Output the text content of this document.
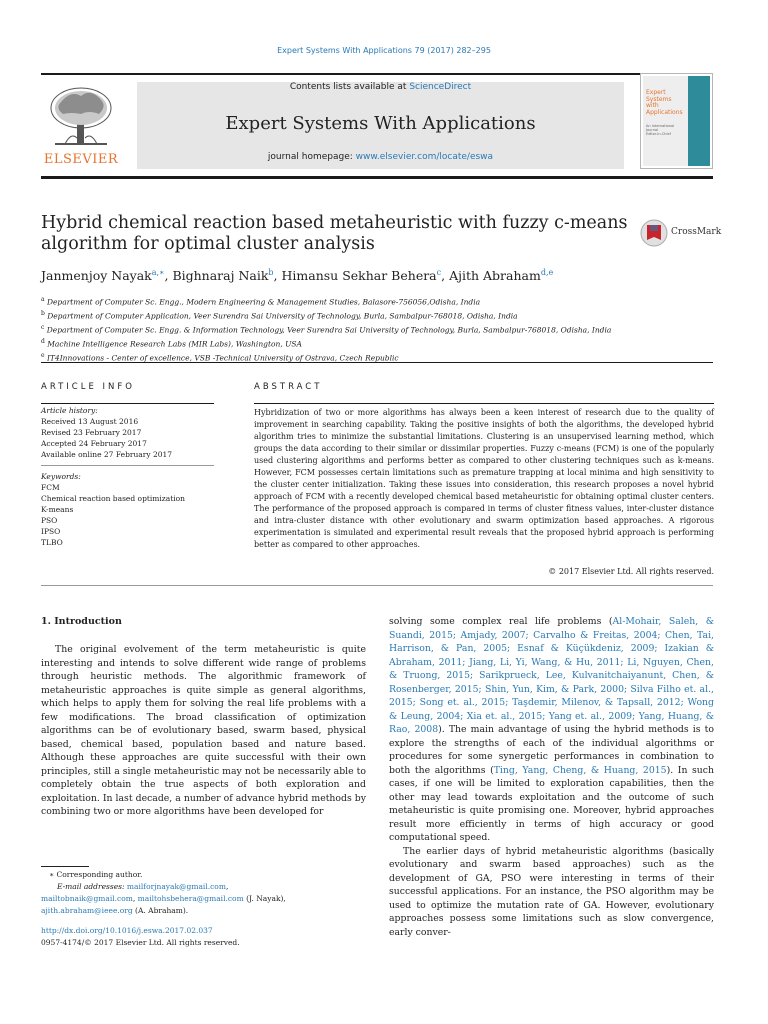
Expert Systems With Applications 79 (2017) 282–295
ELSEVIER
Contents lists available at ScienceDirect
Expert Systems With Applications
journal homepage: www.elsevier.com/locate/eswa
Expert Systems with Applications
An International Journal
Editor-in-Chief
Hybrid chemical reaction based metaheuristic with fuzzy c-means algorithm for optimal cluster analysis
CrossMark
Janmenjoy Nayak$^{a,∗}$, Bighnaraj Naik$^b$, Himansu Sekhar Behera$^c$, Ajith Abraham$^{d,e}$
$^a$ Department of Computer Sc. Engg., Modern Engineering & Management Studies, Balasore-756056,Odisha, India
$^b$ Department of Computer Application, Veer Surendra Sai University of Technology, Burla, Sambalpur-768018, Odisha, India
$^c$ Department of Computer Sc. Engg. & Information Technology, Veer Surendra Sai University of Technology, Burla, Sambalpur-768018, Odisha, India
$^d$ Machine Intelligence Research Labs (MIR Labs), Washington, USA
$^e$ IT4Innovations - Center of excellence, VSB -Technical University of Ostrava, Czech Republic
ARTICLE INFO
Article history:
Received 13 August 2016
Revised 23 February 2017
Accepted 24 February 2017
Available online 27 February 2017
Keywords:
FCM
Chemical reaction based optimization
K-means
PSO
IPSO
TLBO
ABSTRACT
Hybridization of two or more algorithms has always been a keen interest of research due to the quality of improvement in searching capability. Taking the positive insights of both the algorithms, the developed hybrid algorithm tries to minimize the substantial limitations. Clustering is an unsupervised learning method, which groups the data according to their similar or dissimilar properties. Fuzzy c-means (FCM) is one of the popularly used clustering algorithms and performs better as compared to other clustering techniques such as k-means. However, FCM possesses certain limitations such as premature trapping at local minima and high sensitivity to the cluster center initialization. Taking these issues into consideration, this research proposes a novel hybrid approach of FCM with a recently developed chemical based metaheuristic for obtaining optimal cluster centers. The performance of the proposed approach is compared in terms of cluster fitness values, inter-cluster distance and intra-cluster distance with other evolutionary and swarm optimization based approaches. A rigorous experimentation is simulated and experimental result reveals that the proposed hybrid approach is performing better as compared to other approaches.
© 2017 Elsevier Ltd. All rights reserved.
1. Introduction

The original evolvement of the term metaheuristic is quite interesting and intends to solve different wide range of problems through heuristic methods. The algorithmic framework of metaheuristic approaches is quite simple as general algorithms, which helps to apply them for solving the real life problems with a few modifications. The broad classification of optimization algorithms can be of evolutionary based, swarm based, physical based, chemical based, population based and nature based. Although these approaches are quite successful with their own principles, still a single metaheuristic may not be necessarily able to completely obtain the true aspects of both exploration and exploitation. In last decade, a number of advance hybrid methods by combining two or more algorithms have been developed for

solving some complex real life problems (Al-Mohair, Saleh, & Suandi, 2015; Amjady, 2007; Carvalho & Freitas, 2004; Chen, Tai, Harrison, & Pan, 2005; Esnaf & Küçükdeniz, 2009; Izakian & Abraham, 2011; Jiang, Li, Yi, Wang, & Hu, 2011; Li, Nguyen, Chen, & Truong, 2015; Sarikprueck, Lee, Kulvanitchaiyanunt, Chen, & Rosenberger, 2015; Shin, Yun, Kim, & Park, 2000; Silva Filho et. al., 2015; Song et. al., 2015; Taşdemir, Milenov, & Tapsall, 2012; Wong & Leung, 2004; Xia et. al., 2015; Yang et. al., 2009; Yang, Huang, & Rao, 2008). The main advantage of using the hybrid methods is to explore the strengths of each of the individual algorithms or procedures for some synergetic performances in combination to both the algorithms (Ting, Yang, Cheng, & Huang, 2015). In such cases, if one will be limited to exploration capabilities, then the other may lead towards exploitation and the outcome of such metaheuristic is quite promising one. Moreover, hybrid approaches result more efficiently in terms of high accuracy or good computational speed.

The earlier days of hybrid metaheuristic algorithms (basically evolutionary and swarm based approaches) such as the development of GA, PSO were interesting in terms of their successful applications. For an instance, the PSO algorithm may be used to optimize the mutation rate of GA. However, evolutionary approaches possess some limitations such as slow convergence, early conver-

∗ Corresponding author.
E-mail addresses: mailforjnayak@gmail.com,
mailtobnaik@gmail.com, mailtohsbehera@gmail.com (J. Nayak),
ajith.abraham@ieee.org (A. Abraham).
http://dx.doi.org/10.1016/j.eswa.2017.02.037
0957-4174/© 2017 Elsevier Ltd. All rights reserved.
